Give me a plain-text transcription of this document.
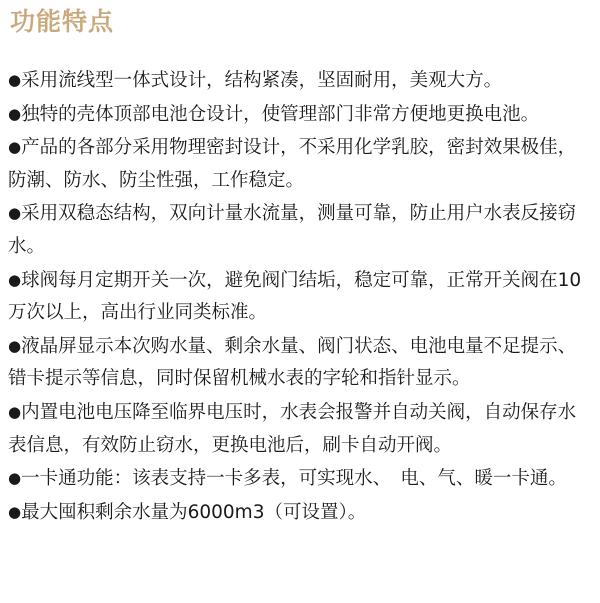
功能特点
●采用流线型一体式设计，结构紧凑，坚固耐用，美观大方。
●独特的壳体顶部电池仓设计，使管理部门非常方便地更换电池。
●产品的各部分采用物理密封设计，不采用化学乳胶，密封效果极佳，防潮、防水、防尘性强，工作稳定。
●采用双稳态结构，双向计量水流量，测量可靠，防止用户水表反接窃水。
●球阀每月定期开关一次，避免阀门结垢，稳定可靠，正常开关阀在10万次以上，高出行业同类标准。
●液晶屏显示本次购水量、剩余水量、阀门状态、电池电量不足提示、错卡提示等信息，同时保留机械水表的字轮和指针显示。
●内置电池电压降至临界电压时，水表会报警并自动关阀，自动保存水表信息，有效防止窃水，更换电池后，刷卡自动开阀。
●一卡通功能：该表支持一卡多表，可实现水、　电、气、暖一卡通。
●最大囤积剩余水量为6000m3（可设置）。
